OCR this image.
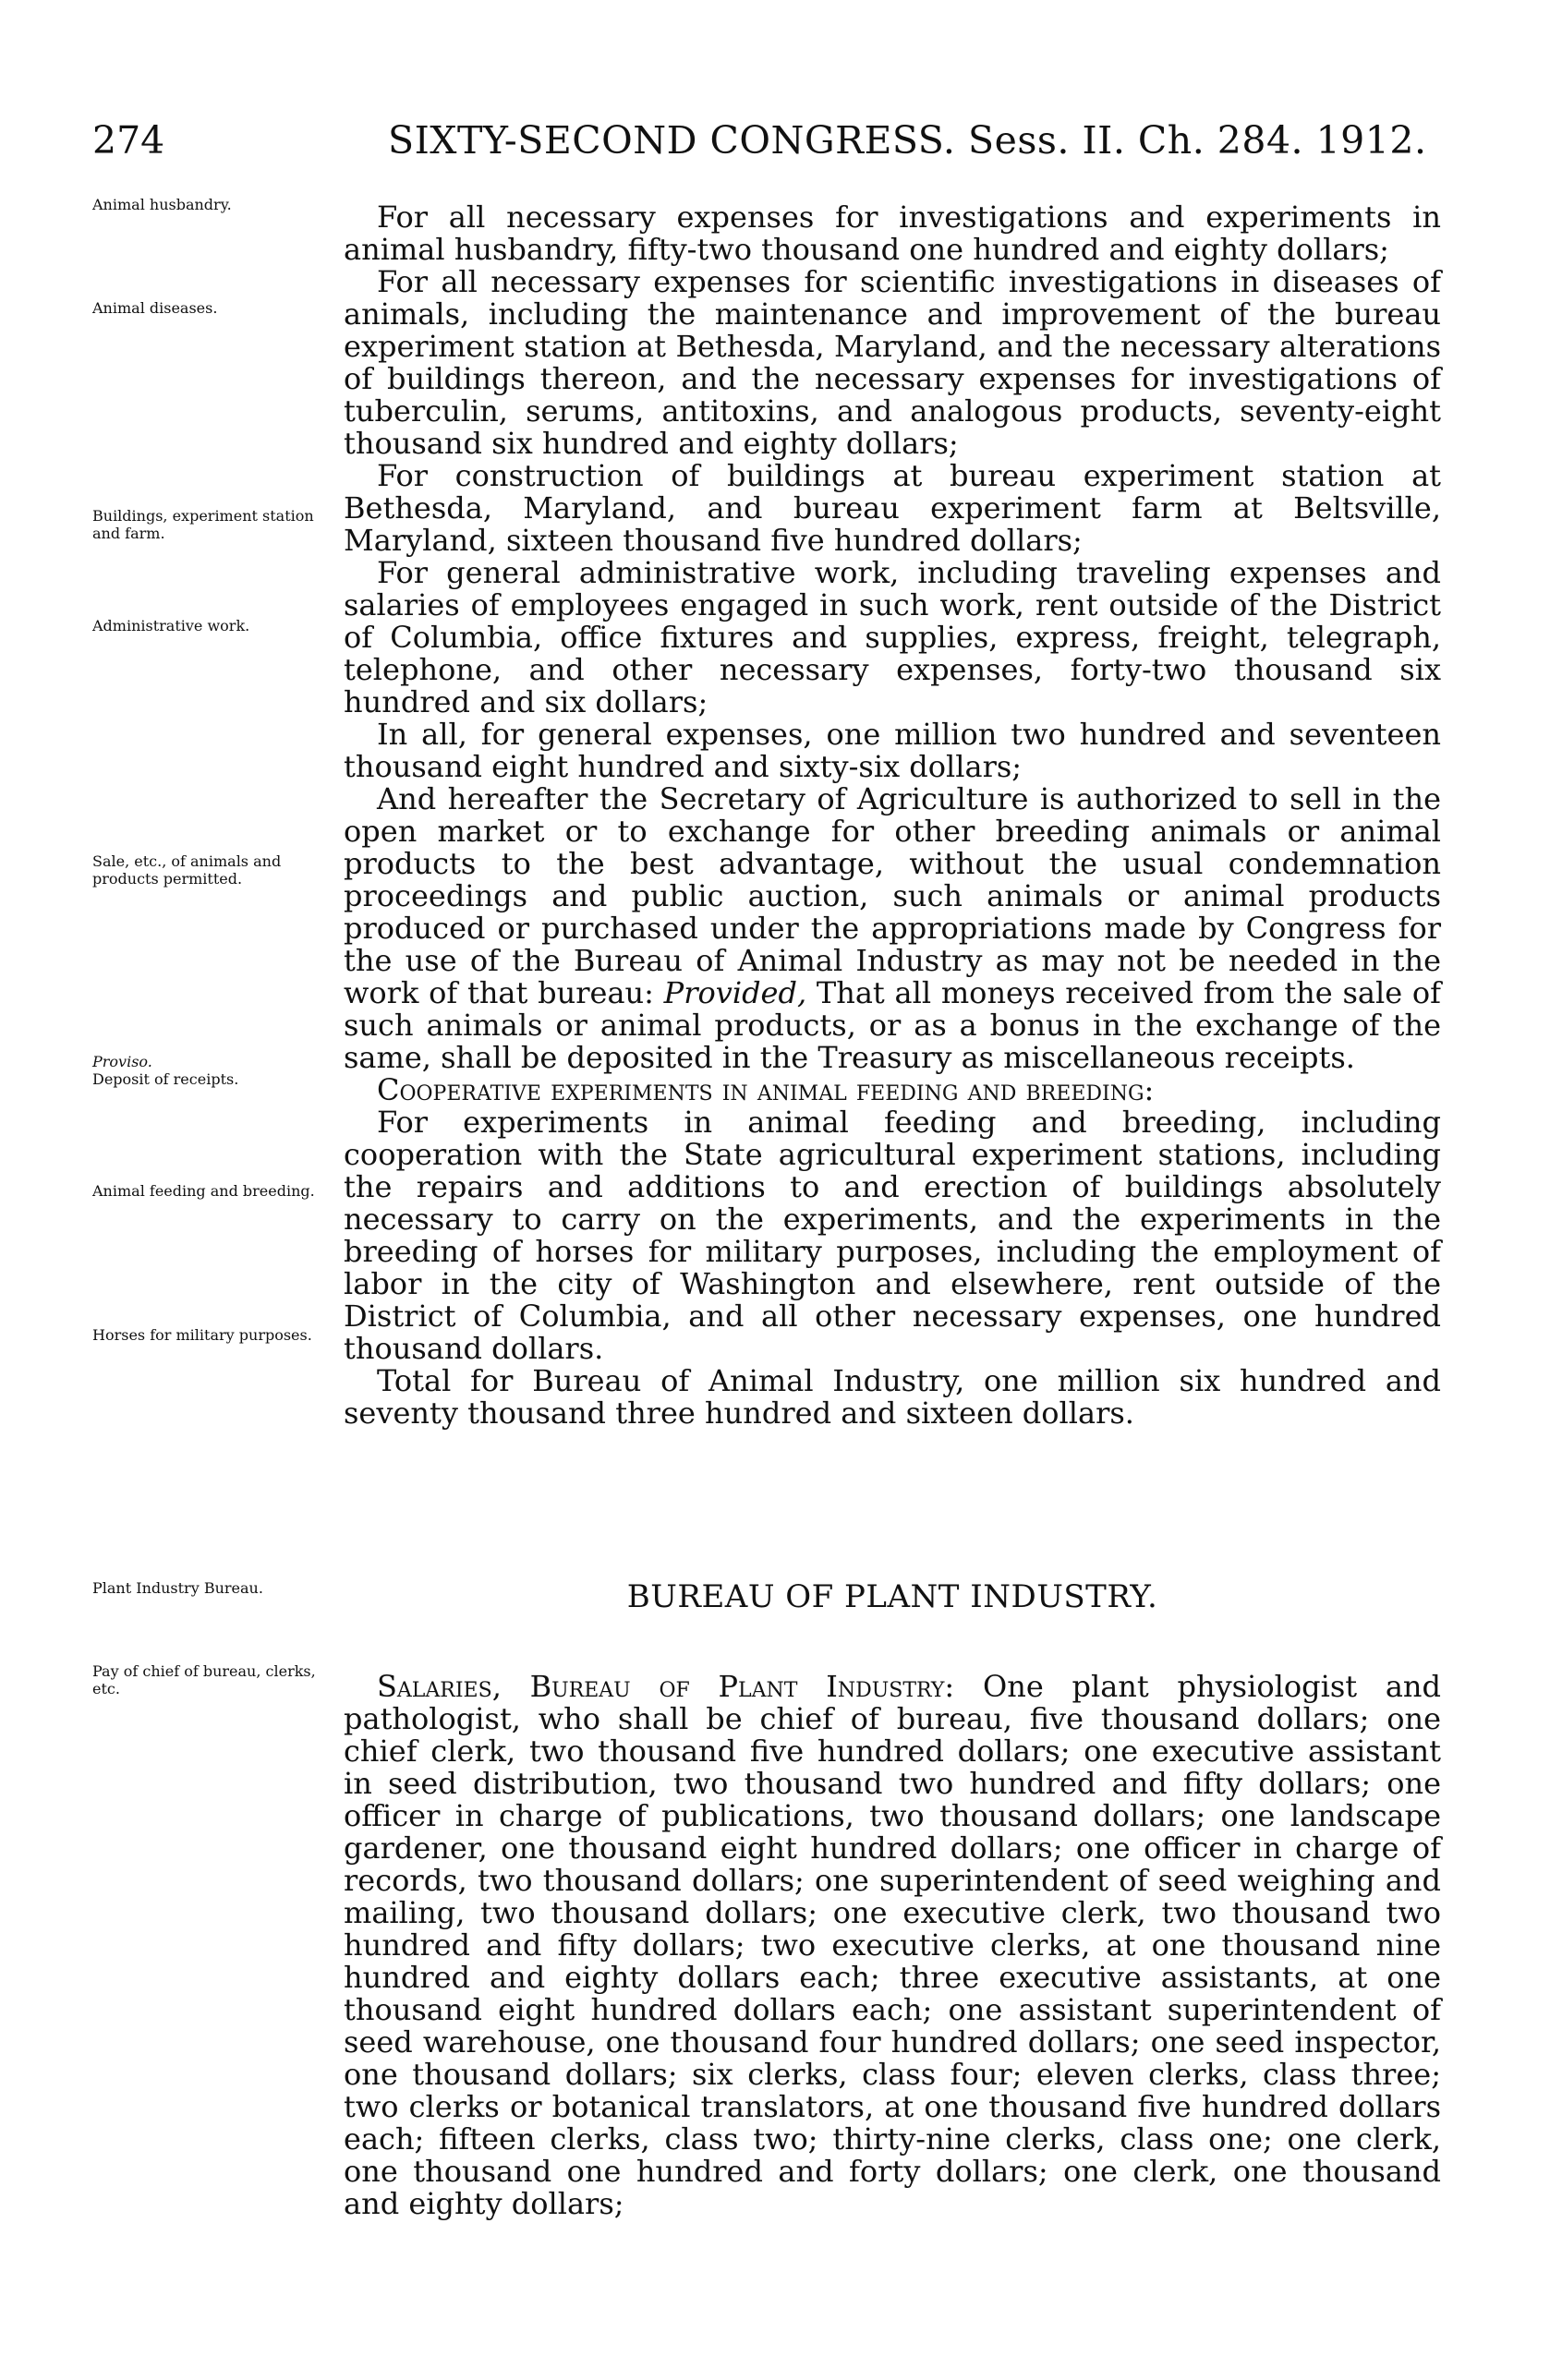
274	SIXTY-SECOND CONGRESS. Sess. II. Ch. 284. 1912.
Animal husbandry.
Animal diseases.
Buildings, experiment station and farm.
Administrative work.
Sale, etc., of animals and products permitted.
Proviso.
Deposit of receipts.
Animal feeding and breeding.
Horses for military purposes.
Plant Industry Bureau.
Pay of chief of bureau, clerks, etc.

For all necessary expenses for investigations and experiments in animal husbandry, fifty-two thousand one hundred and eighty dollars;

For all necessary expenses for scientific investigations in diseases of animals, including the maintenance and improvement of the bureau experiment station at Bethesda, Maryland, and the necessary alterations of buildings thereon, and the necessary expenses for investigations of tuberculin, serums, antitoxins, and analogous products, seventy-eight thousand six hundred and eighty dollars;

For construction of buildings at bureau experiment station at Bethesda, Maryland, and bureau experiment farm at Beltsville, Maryland, sixteen thousand five hundred dollars;

For general administrative work, including traveling expenses and salaries of employees engaged in such work, rent outside of the District of Columbia, office fixtures and supplies, express, freight, telegraph, telephone, and other necessary expenses, forty-two thousand six hundred and six dollars;

In all, for general expenses, one million two hundred and seventeen thousand eight hundred and sixty-six dollars;

And hereafter the Secretary of Agriculture is authorized to sell in the open market or to exchange for other breeding animals or animal products to the best advantage, without the usual condemnation proceedings and public auction, such animals or animal products produced or purchased under the appropriations made by Congress for the use of the Bureau of Animal Industry as may not be needed in the work of that bureau: Provided, That all moneys received from the sale of such animals or animal products, or as a bonus in the exchange of the same, shall be deposited in the Treasury as miscellaneous receipts.

Cooperative experiments in animal feeding and breeding:

For experiments in animal feeding and breeding, including cooperation with the State agricultural experiment stations, including the repairs and additions to and erection of buildings absolutely necessary to carry on the experiments, and the experiments in the breeding of horses for military purposes, including the employment of labor in the city of Washington and elsewhere, rent outside of the District of Columbia, and all other necessary expenses, one hundred thousand dollars.

Total for Bureau of Animal Industry, one million six hundred and seventy thousand three hundred and sixteen dollars.

BUREAU OF PLANT INDUSTRY.

Salaries, Bureau of Plant Industry: One plant physiologist and pathologist, who shall be chief of bureau, five thousand dollars; one chief clerk, two thousand five hundred dollars; one executive assistant in seed distribution, two thousand two hundred and fifty dollars; one officer in charge of publications, two thousand dollars; one landscape gardener, one thousand eight hundred dollars; one officer in charge of records, two thousand dollars; one superintendent of seed weighing and mailing, two thousand dollars; one executive clerk, two thousand two hundred and fifty dollars; two executive clerks, at one thousand nine hundred and eighty dollars each; three executive assistants, at one thousand eight hundred dollars each; one assistant superintendent of seed warehouse, one thousand four hundred dollars; one seed inspector, one thousand dollars; six clerks, class four; eleven clerks, class three; two clerks or botanical translators, at one thousand five hundred dollars each; fifteen clerks, class two; thirty-nine clerks, class one; one clerk, one thousand one hundred and forty dollars; one clerk, one thousand and eighty dollars;
